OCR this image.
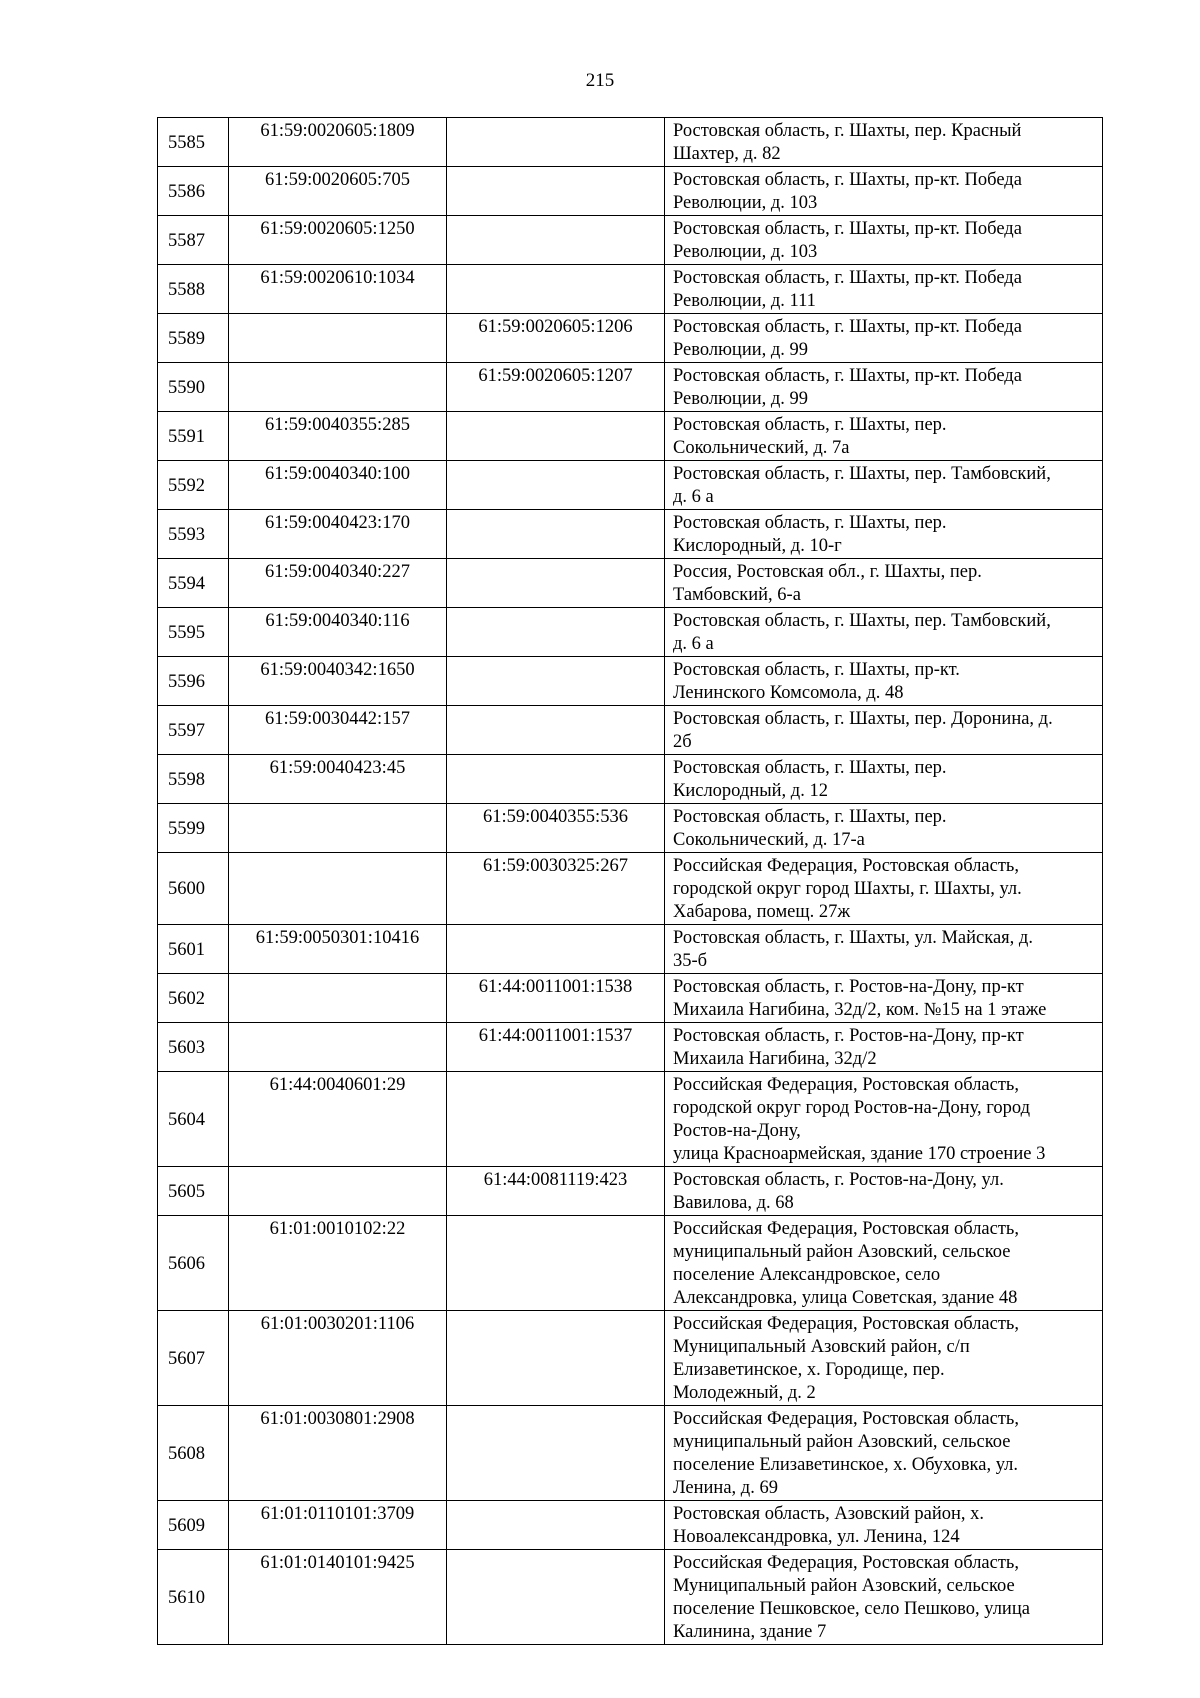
215
5585	61:59:0020605:1809		Ростовская область, г. Шахты, пер. Красный
Шахтер, д. 82
5586	61:59:0020605:705		Ростовская область, г. Шахты, пр-кт. Победа
Революции, д. 103
5587	61:59:0020605:1250		Ростовская область, г. Шахты, пр-кт. Победа
Революции, д. 103
5588	61:59:0020610:1034		Ростовская область, г. Шахты, пр-кт. Победа
Революции, д. 111
5589		61:59:0020605:1206	Ростовская область, г. Шахты, пр-кт. Победа
Революции, д. 99
5590		61:59:0020605:1207	Ростовская область, г. Шахты, пр-кт. Победа
Революции, д. 99
5591	61:59:0040355:285		Ростовская область, г. Шахты, пер.
Сокольнический, д. 7а
5592	61:59:0040340:100		Ростовская область, г. Шахты, пер. Тамбовский,
д. 6 а
5593	61:59:0040423:170		Ростовская область, г. Шахты, пер.
Кислородный, д. 10-г
5594	61:59:0040340:227		Россия, Ростовская обл., г. Шахты, пер.
Тамбовский, 6-а
5595	61:59:0040340:116		Ростовская область, г. Шахты, пер. Тамбовский,
д. 6 а
5596	61:59:0040342:1650		Ростовская область, г. Шахты, пр-кт.
Ленинского Комсомола, д. 48
5597	61:59:0030442:157		Ростовская область, г. Шахты, пер. Доронина, д.
2б
5598	61:59:0040423:45		Ростовская область, г. Шахты, пер.
Кислородный, д. 12
5599		61:59:0040355:536	Ростовская область, г. Шахты, пер.
Сокольнический, д. 17-а
5600		61:59:0030325:267	Российская Федерация, Ростовская область,
городской округ город Шахты, г. Шахты, ул.
Хабарова, помещ. 27ж
5601	61:59:0050301:10416		Ростовская область, г. Шахты, ул. Майская, д.
35-б
5602		61:44:0011001:1538	Ростовская область, г. Ростов-на-Дону, пр-кт
Михаила Нагибина, 32д/2, ком. №15 на 1 этаже
5603		61:44:0011001:1537	Ростовская область, г. Ростов-на-Дону, пр-кт
Михаила Нагибина, 32д/2
5604	61:44:0040601:29		Российская Федерация, Ростовская область,
городской округ город Ростов-на-Дону, город
Ростов-на-Дону,
улица Красноармейская, здание 170 строение 3
5605		61:44:0081119:423	Ростовская область, г. Ростов-на-Дону, ул.
Вавилова, д. 68
5606	61:01:0010102:22		Российская Федерация, Ростовская область,
муниципальный район Азовский, сельское
поселение Александровское, село
Александровка, улица Советская, здание 48
5607	61:01:0030201:1106		Российская Федерация, Ростовская область,
Муниципальный Азовский район, с/п
Елизаветинское, х. Городище, пер.
Молодежный, д. 2
5608	61:01:0030801:2908		Российская Федерация, Ростовская область,
муниципальный район Азовский, сельское
поселение Елизаветинское, х. Обуховка, ул.
Ленина, д. 69
5609	61:01:0110101:3709		Ростовская область, Азовский район, х.
Новоалександровка, ул. Ленина, 124
5610	61:01:0140101:9425		Российская Федерация, Ростовская область,
Муниципальный район Азовский, сельское
поселение Пешковское, село Пешково, улица
Калинина, здание 7
